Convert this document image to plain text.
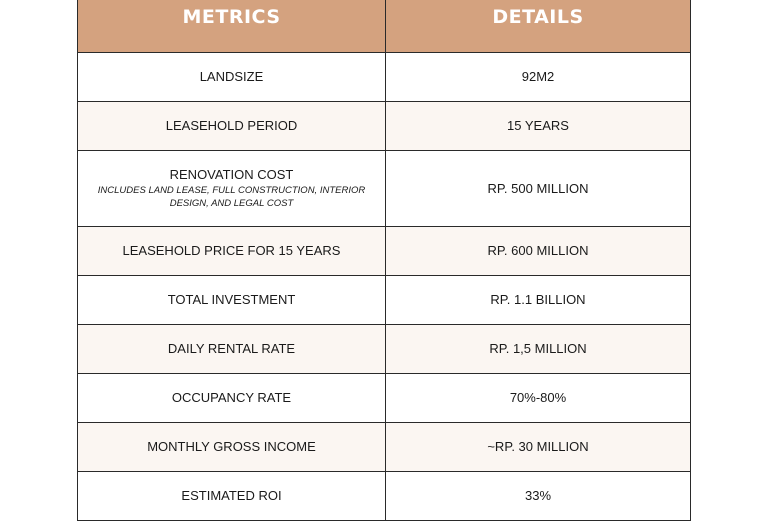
METRICS	DETAILS

LANDSIZE	92M2

LEASEHOLD PERIOD	15 YEARS

RENOVATION COST
INCLUDES LAND LEASE, FULL CONSTRUCTION, INTERIOR DESIGN, AND LEGAL COST	RP. 500 MILLION

LEASEHOLD PRICE FOR 15 YEARS	RP. 600 MILLION

TOTAL INVESTMENT	RP. 1.1 BILLION

DAILY RENTAL RATE	RP. 1,5 MILLION

OCCUPANCY RATE	70%-80%

MONTHLY GROSS INCOME	~RP. 30 MILLION

ESTIMATED ROI	33%
